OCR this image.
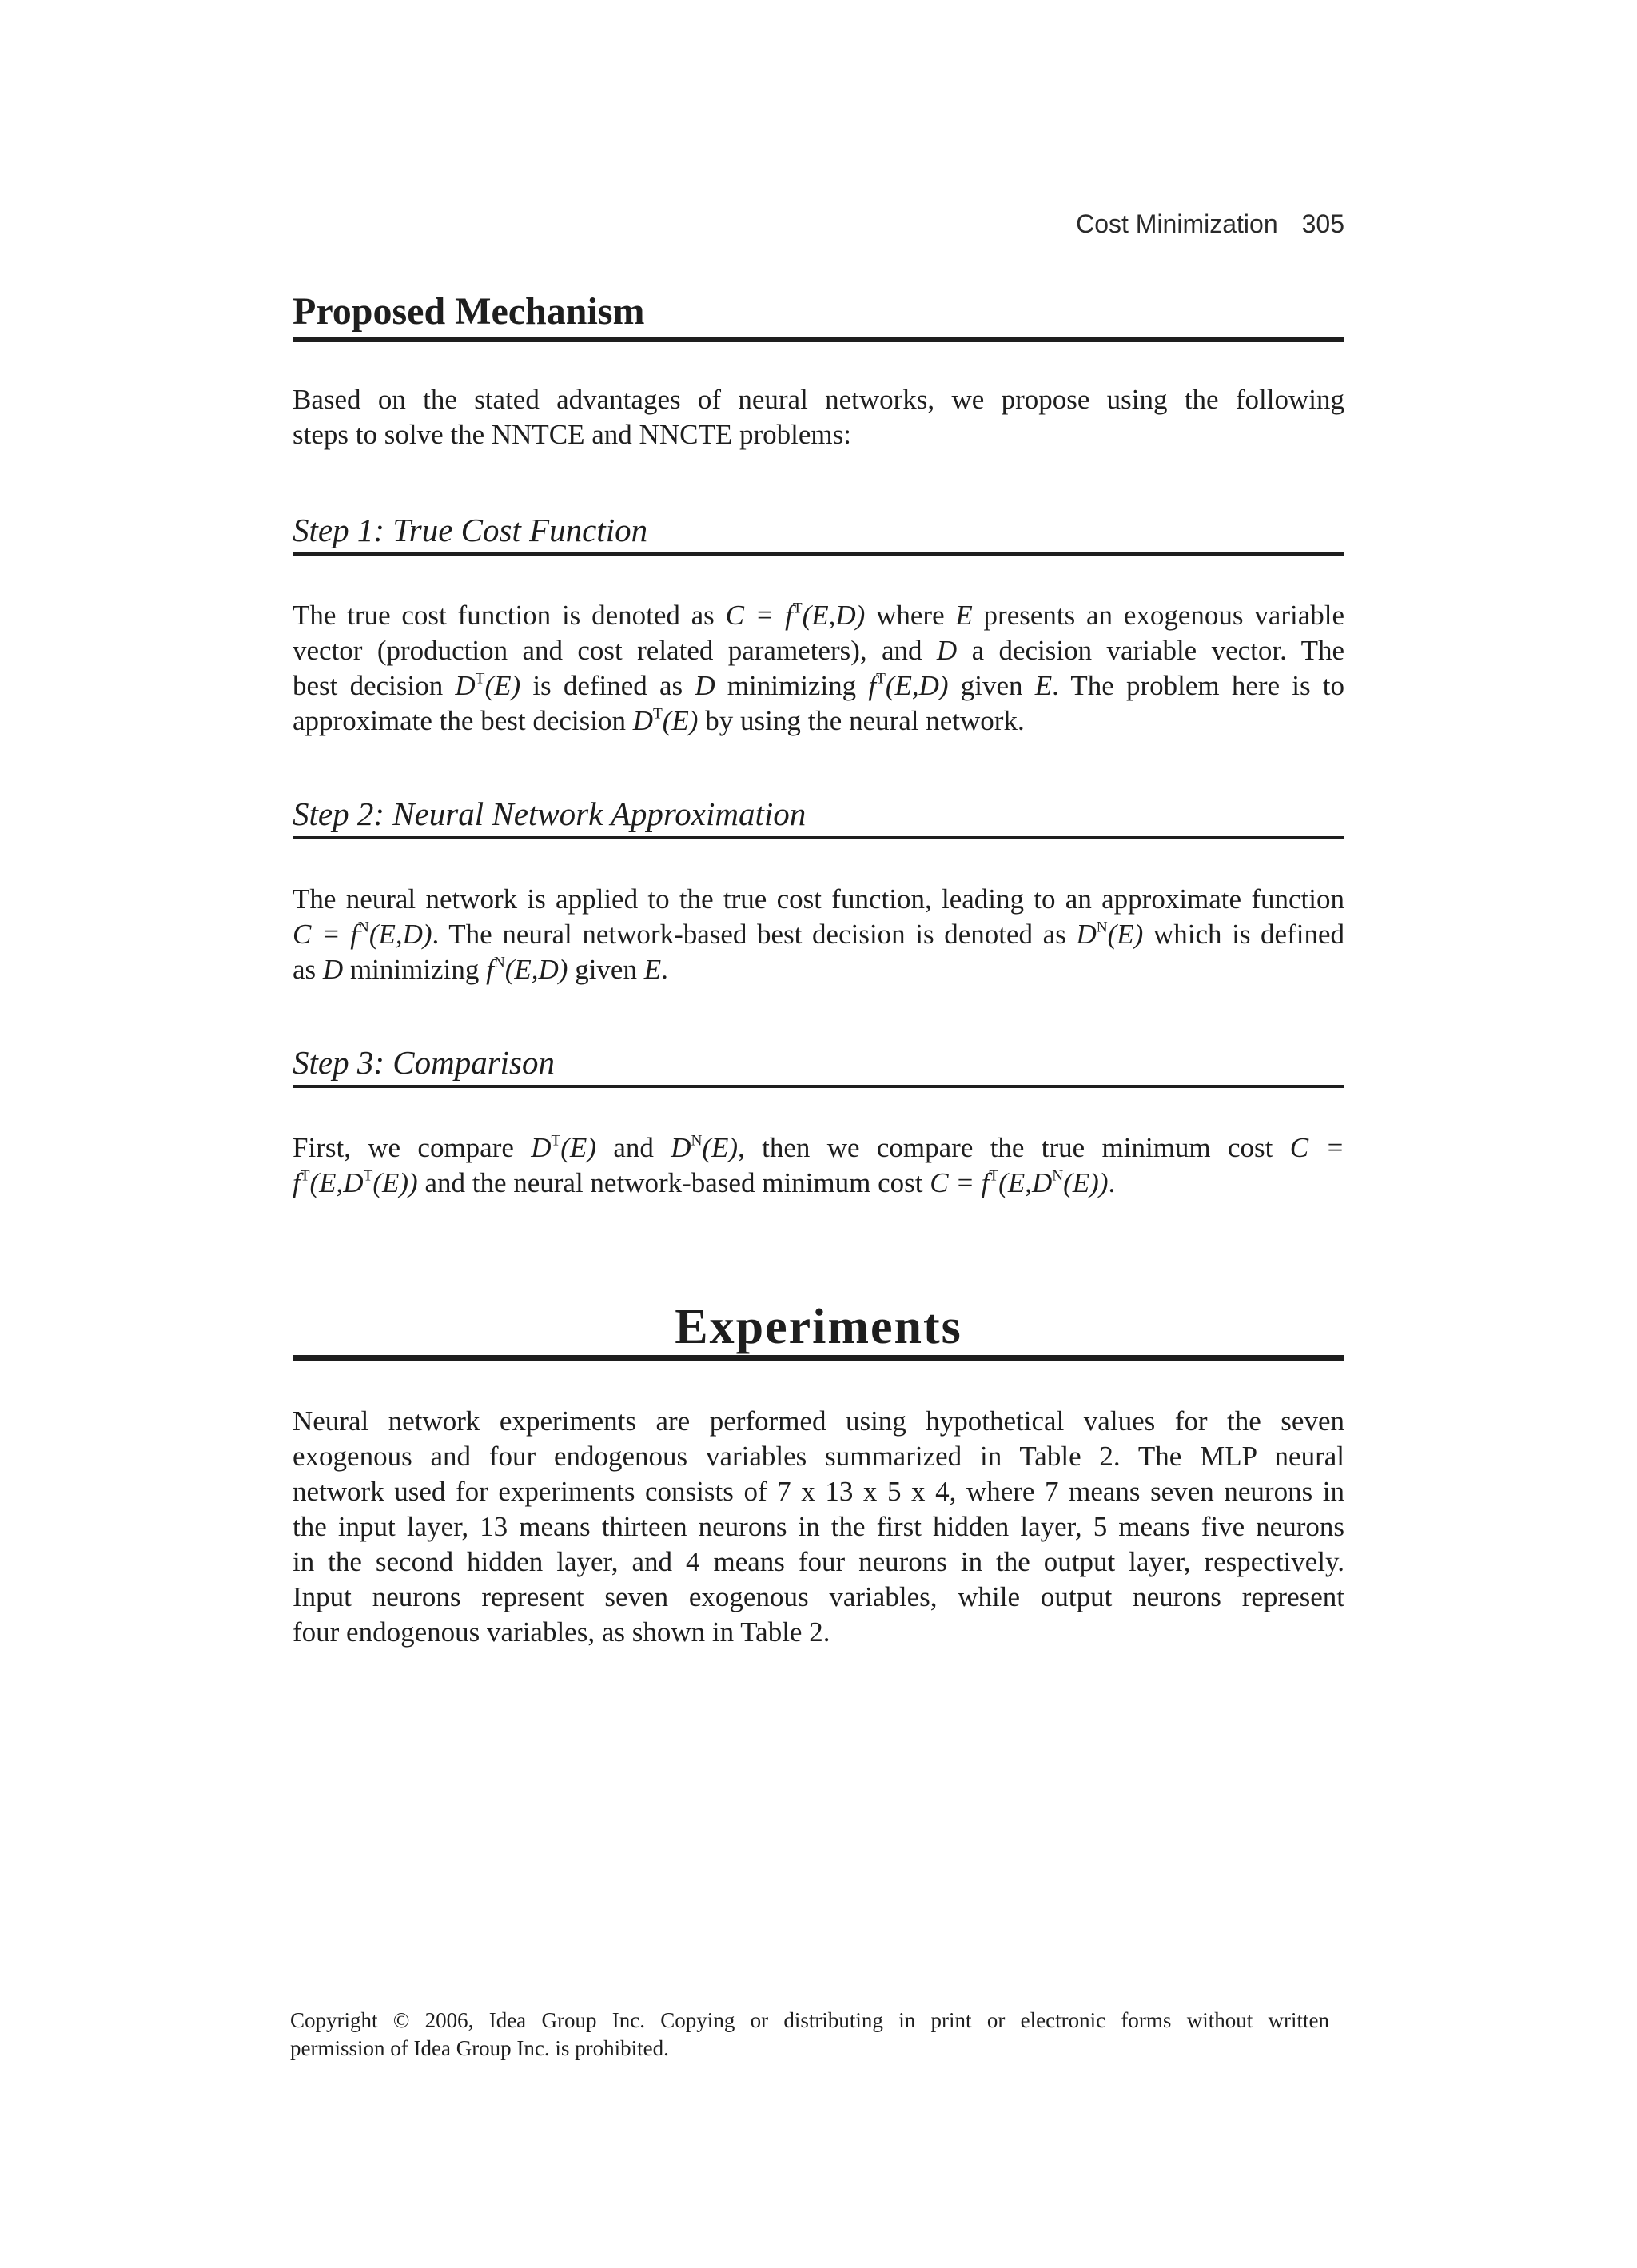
Cost Minimization 305
Proposed Mechanism

Based on the stated advantages of neural networks, we propose using the following
steps to solve the NNTCE and NNCTE problems:

Step 1: True Cost Function

The true cost function is denoted as $C = f^T(E,D)$ where E presents an exogenous variable
vector (production and cost related parameters), and D a decision variable vector. The
best decision $D^T(E)$ is defined as D minimizing $f^T(E,D)$ given E. The problem here is to
approximate the best decision $D^T(E)$ by using the neural network.

Step 2: Neural Network Approximation

The neural network is applied to the true cost function, leading to an approximate function
$C = f^N(E,D)$. The neural network-based best decision is denoted as $D^N(E)$ which is defined
as D minimizing $f^N(E,D)$ given E.

Step 3: Comparison

First, we compare $D^T(E)$ and $D^N(E)$, then we compare the true minimum cost C =
$f^T(E,D^T(E))$ and the neural network-based minimum cost $C = f^T(E,D^N(E))$.

Experiments

Neural network experiments are performed using hypothetical values for the seven
exogenous and four endogenous variables summarized in Table 2. The MLP neural
network used for experiments consists of 7 x 13 x 5 x 4, where 7 means seven neurons in
the input layer, 13 means thirteen neurons in the first hidden layer, 5 means five neurons
in the second hidden layer, and 4 means four neurons in the output layer, respectively.
Input neurons represent seven exogenous variables, while output neurons represent
four endogenous variables, as shown in Table 2.

Copyright © 2006, Idea Group Inc. Copying or distributing in print or electronic forms without written
permission of Idea Group Inc. is prohibited.
